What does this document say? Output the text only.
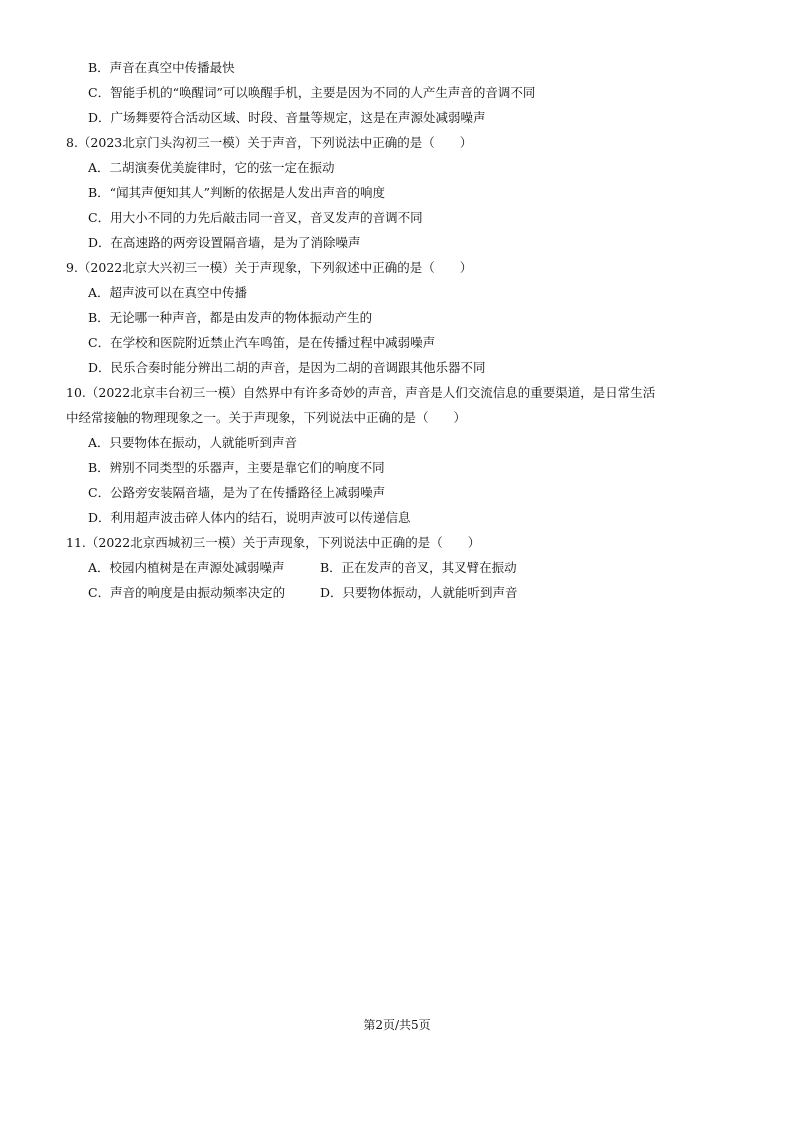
B．声音在真空中传播最快
C．智能手机的“唤醒词”可以唤醒手机，主要是因为不同的人产生声音的音调不同
D．广场舞要符合活动区域、时段、音量等规定，这是在声源处减弱噪声
8.（2023北京门头沟初三一模）关于声音，下列说法中正确的是（　　）
A．二胡演奏优美旋律时，它的弦一定在振动
B．“闻其声便知其人”判断的依据是人发出声音的响度
C．用大小不同的力先后敲击同一音叉，音叉发声的音调不同
D．在高速路的两旁设置隔音墙，是为了消除噪声
9.（2022北京大兴初三一模）关于声现象，下列叙述中正确的是（　　）
A．超声波可以在真空中传播
B．无论哪一种声音，都是由发声的物体振动产生的
C．在学校和医院附近禁止汽车鸣笛，是在传播过程中减弱噪声
D．民乐合奏时能分辨出二胡的声音，是因为二胡的音调跟其他乐器不同
10.（2022北京丰台初三一模）自然界中有许多奇妙的声音，声音是人们交流信息的重要渠道，是日常生活
中经常接触的物理现象之一。关于声现象，下列说法中正确的是（　　）
A．只要物体在振动，人就能听到声音
B．辨别不同类型的乐器声，主要是靠它们的响度不同
C．公路旁安装隔音墙，是为了在传播路径上减弱噪声
D．利用超声波击碎人体内的结石，说明声波可以传递信息
11.（2022北京西城初三一模）关于声现象，下列说法中正确的是（　　）
A．校园内植树是在声源处减弱噪声	B．正在发声的音叉，其叉臂在振动
C．声音的响度是由振动频率决定的	D．只要物体振动，人就能听到声音
第2页/共5页
